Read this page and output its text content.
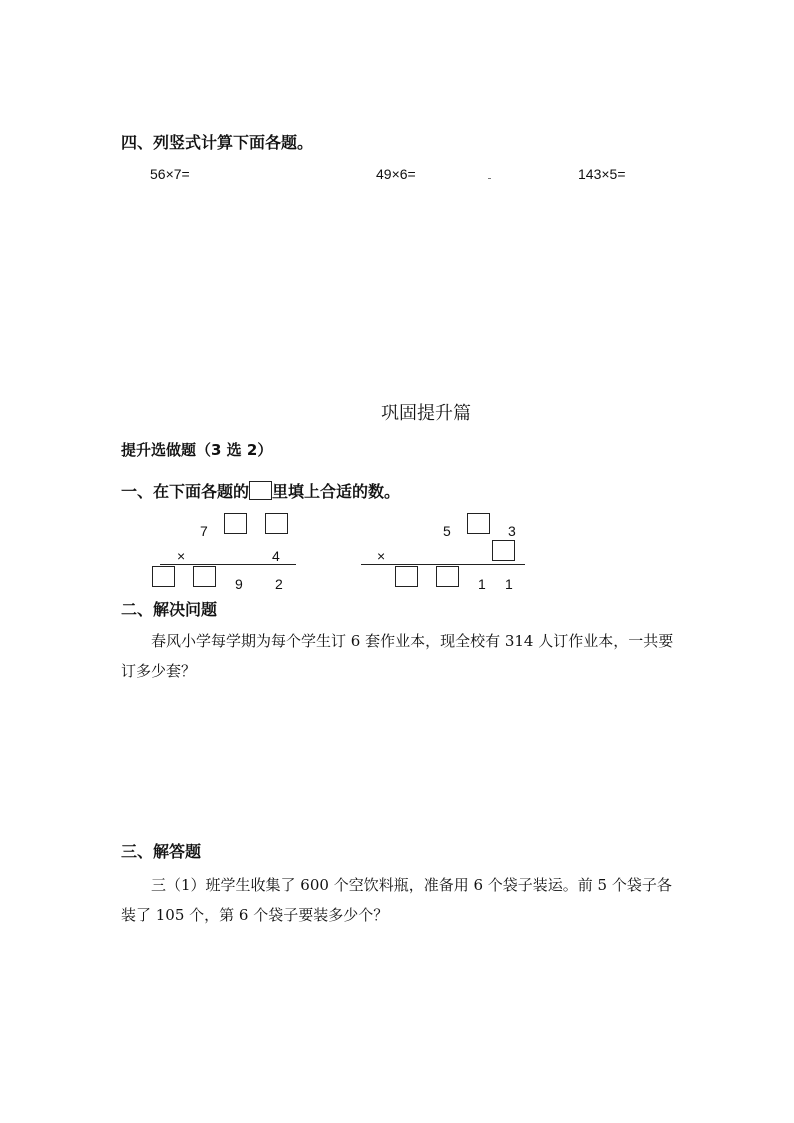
四、列竖式计算下面各题。
56×7=	49×6=	143×5=
巩固提升篇
提升选做题（3 选 2）
一、在下面各题的 里填上合适的数。
7
×	4
9 2
5	3
×
1 1
二、解决问题
春风小学每学期为每个学生订 6 套作业本，现全校有 314 人订作业本，一共要订多少套？
三、解答题
三（1）班学生收集了 600 个空饮料瓶，准备用 6 个袋子装运。前 5 个袋子各装了 105 个，第 6 个袋子要装多少个？
